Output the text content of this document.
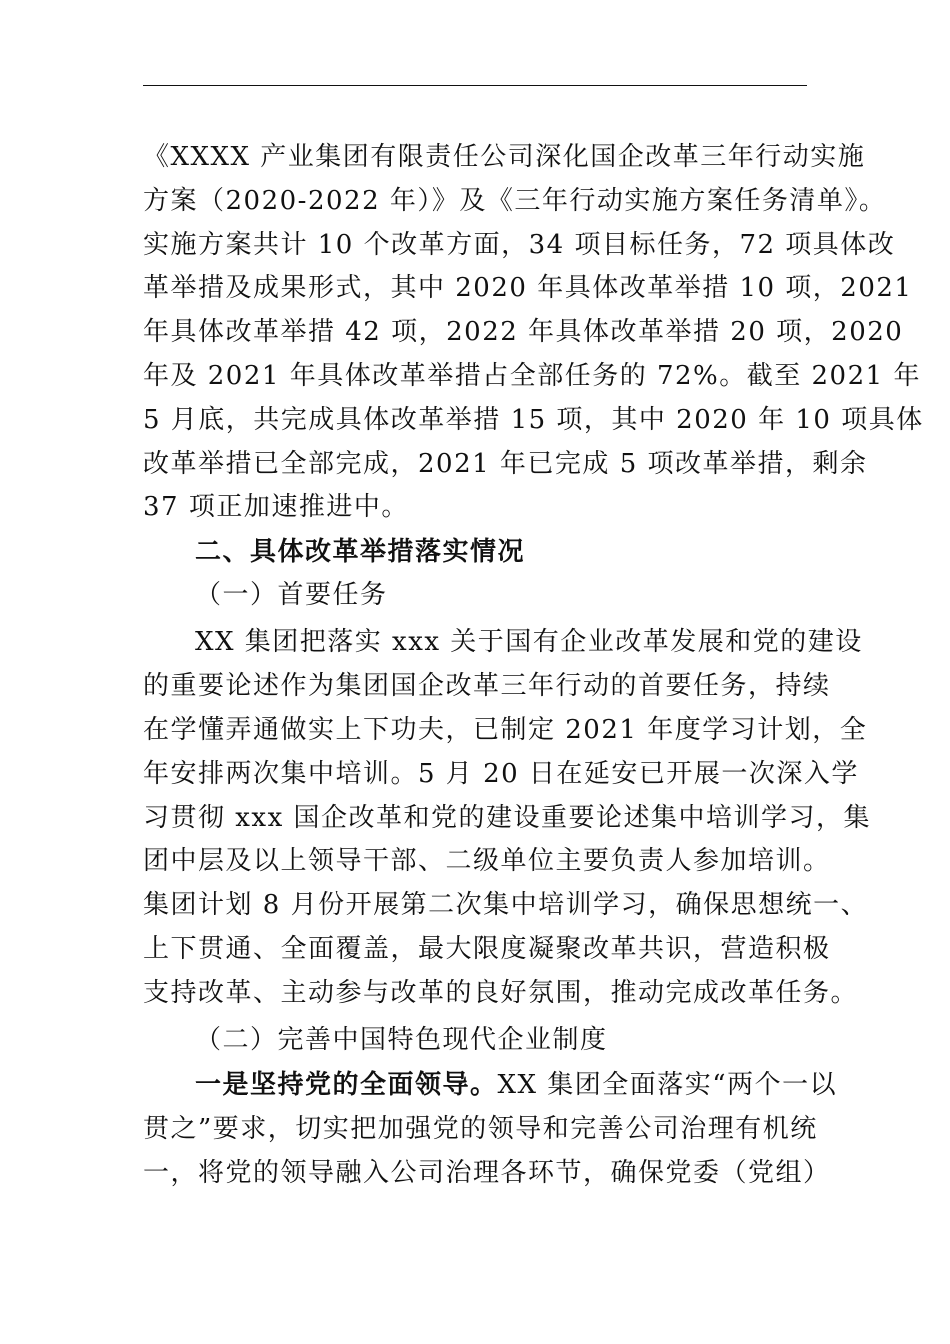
《XXXX 产业集团有限责任公司深化国企改革三年行动实施
方案（2020-2022 年）》及《三年行动实施方案任务清单》。
实施方案共计 10 个改革方面，34 项目标任务，72 项具体改
革举措及成果形式，其中 2020 年具体改革举措 10 项，2021
年具体改革举措 42 项，2022 年具体改革举措 20 项，2020
年及 2021 年具体改革举措占全部任务的 72%。截至 2021 年
5 月底，共完成具体改革举措 15 项，其中 2020 年 10 项具体
改革举措已全部完成，2021 年已完成 5 项改革举措，剩余
37 项正加速推进中。
二、具体改革举措落实情况
（一）首要任务
XX 集团把落实 xxx 关于国有企业改革发展和党的建设
的重要论述作为集团国企改革三年行动的首要任务，持续
在学懂弄通做实上下功夫，已制定 2021 年度学习计划，全
年安排两次集中培训。5 月 20 日在延安已开展一次深入学
习贯彻 xxx 国企改革和党的建设重要论述集中培训学习，集
团中层及以上领导干部、二级单位主要负责人参加培训。
集团计划 8 月份开展第二次集中培训学习，确保思想统一、
上下贯通、全面覆盖，最大限度凝聚改革共识，营造积极
支持改革、主动参与改革的良好氛围，推动完成改革任务。
（二）完善中国特色现代企业制度
一是坚持党的全面领导。XX 集团全面落实“两个一以
贯之”要求，切实把加强党的领导和完善公司治理有机统
一，将党的领导融入公司治理各环节，确保党委（党组）
